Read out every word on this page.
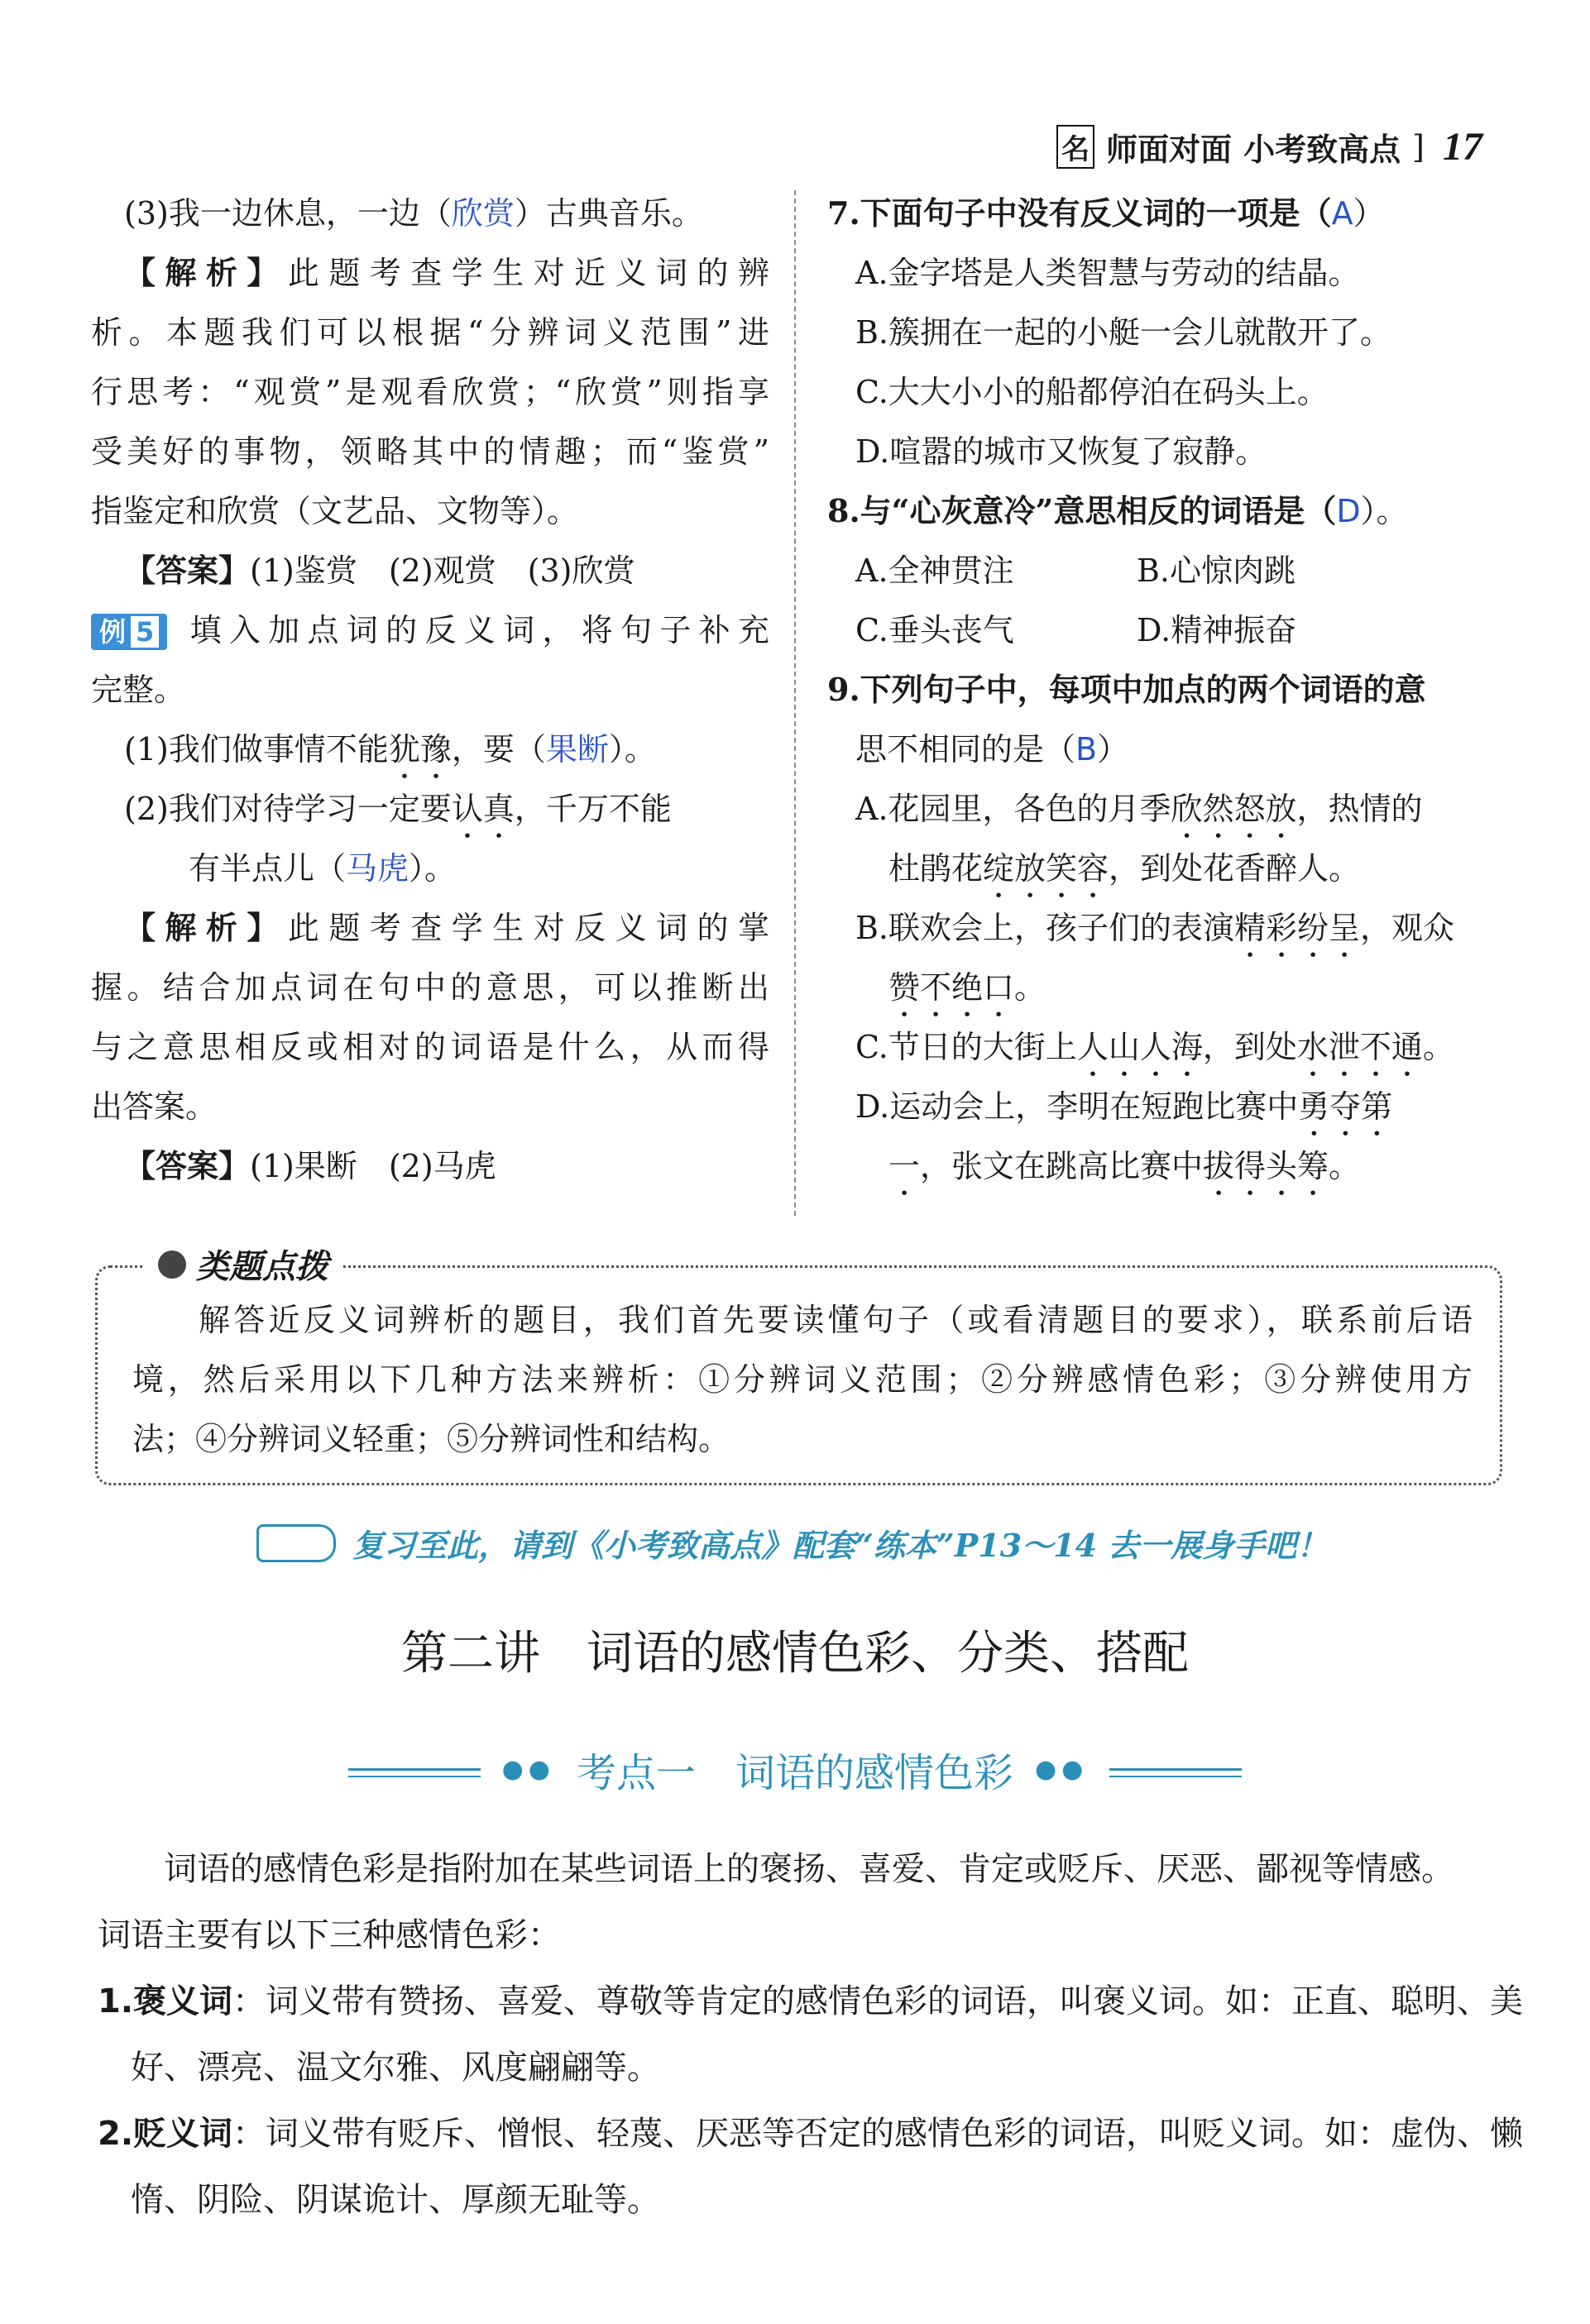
名 师面对面 小考致高点 ] 17
(3)我一边休息，一边（欣赏）古典音乐。
【解析】此题考查学生对近义词的辨
析。本题我们可以根据“分辨词义范围”进
行思考：“观赏”是观看欣赏；“欣赏”则指享
受美好的事物，领略其中的情趣；而“鉴赏”
指鉴定和欣赏（文艺品、文物等）。
【答案】(1)鉴赏　(2)观赏　(3)欣赏
例 5 填入加点词的反义词，将句子补充
完整。
(1)我们做事情不能犹豫，要（果断）。
(2)我们对待学习一定要认真，千万不能
有半点儿（马虎）。
【解析】此题考查学生对反义词的掌
握。结合加点词在句中的意思，可以推断出
与之意思相反或相对的词语是什么，从而得
出答案。
【答案】(1)果断　(2)马虎
7.下面句子中没有反义词的一项是（A）
A.金字塔是人类智慧与劳动的结晶。
B.簇拥在一起的小艇一会儿就散开了。
C.大大小小的船都停泊在码头上。
D.喧嚣的城市又恢复了寂静。
8.与“心灰意冷”意思相反的词语是（D）。
A.全神贯注	B.心惊肉跳
C.垂头丧气	D.精神振奋
9.下列句子中，每项中加点的两个词语的意
思不相同的是（B）
A.花园里，各色的月季欣然怒放，热情的
杜鹃花绽放笑容，到处花香醉人。
B.联欢会上，孩子们的表演精彩纷呈，观众
赞不绝口。
C.节日的大街上人山人海，到处水泄不通。
D.运动会上，李明在短跑比赛中勇夺第
一，张文在跳高比赛中拔得头筹。
类题点拨
解答近反义词辨析的题目，我们首先要读懂句子（或看清题目的要求），联系前后语
境，然后采用以下几种方法来辨析：①分辨词义范围；②分辨感情色彩；③分辨使用方
法；④分辨词义轻重；⑤分辨词性和结构。
复习至此，请到《小考致高点》配套“练本”P13～14 去一展身手吧！
第二讲　词语的感情色彩、分类、搭配
●● 考点一　词语的感情色彩 ●●
词语的感情色彩是指附加在某些词语上的褒扬、喜爱、肯定或贬斥、厌恶、鄙视等情感。
词语主要有以下三种感情色彩：
1.褒义词：词义带有赞扬、喜爱、尊敬等肯定的感情色彩的词语，叫褒义词。如：正直、聪明、美
好、漂亮、温文尔雅、风度翩翩等。
2.贬义词：词义带有贬斥、憎恨、轻蔑、厌恶等否定的感情色彩的词语，叫贬义词。如：虚伪、懒
惰、阴险、阴谋诡计、厚颜无耻等。
